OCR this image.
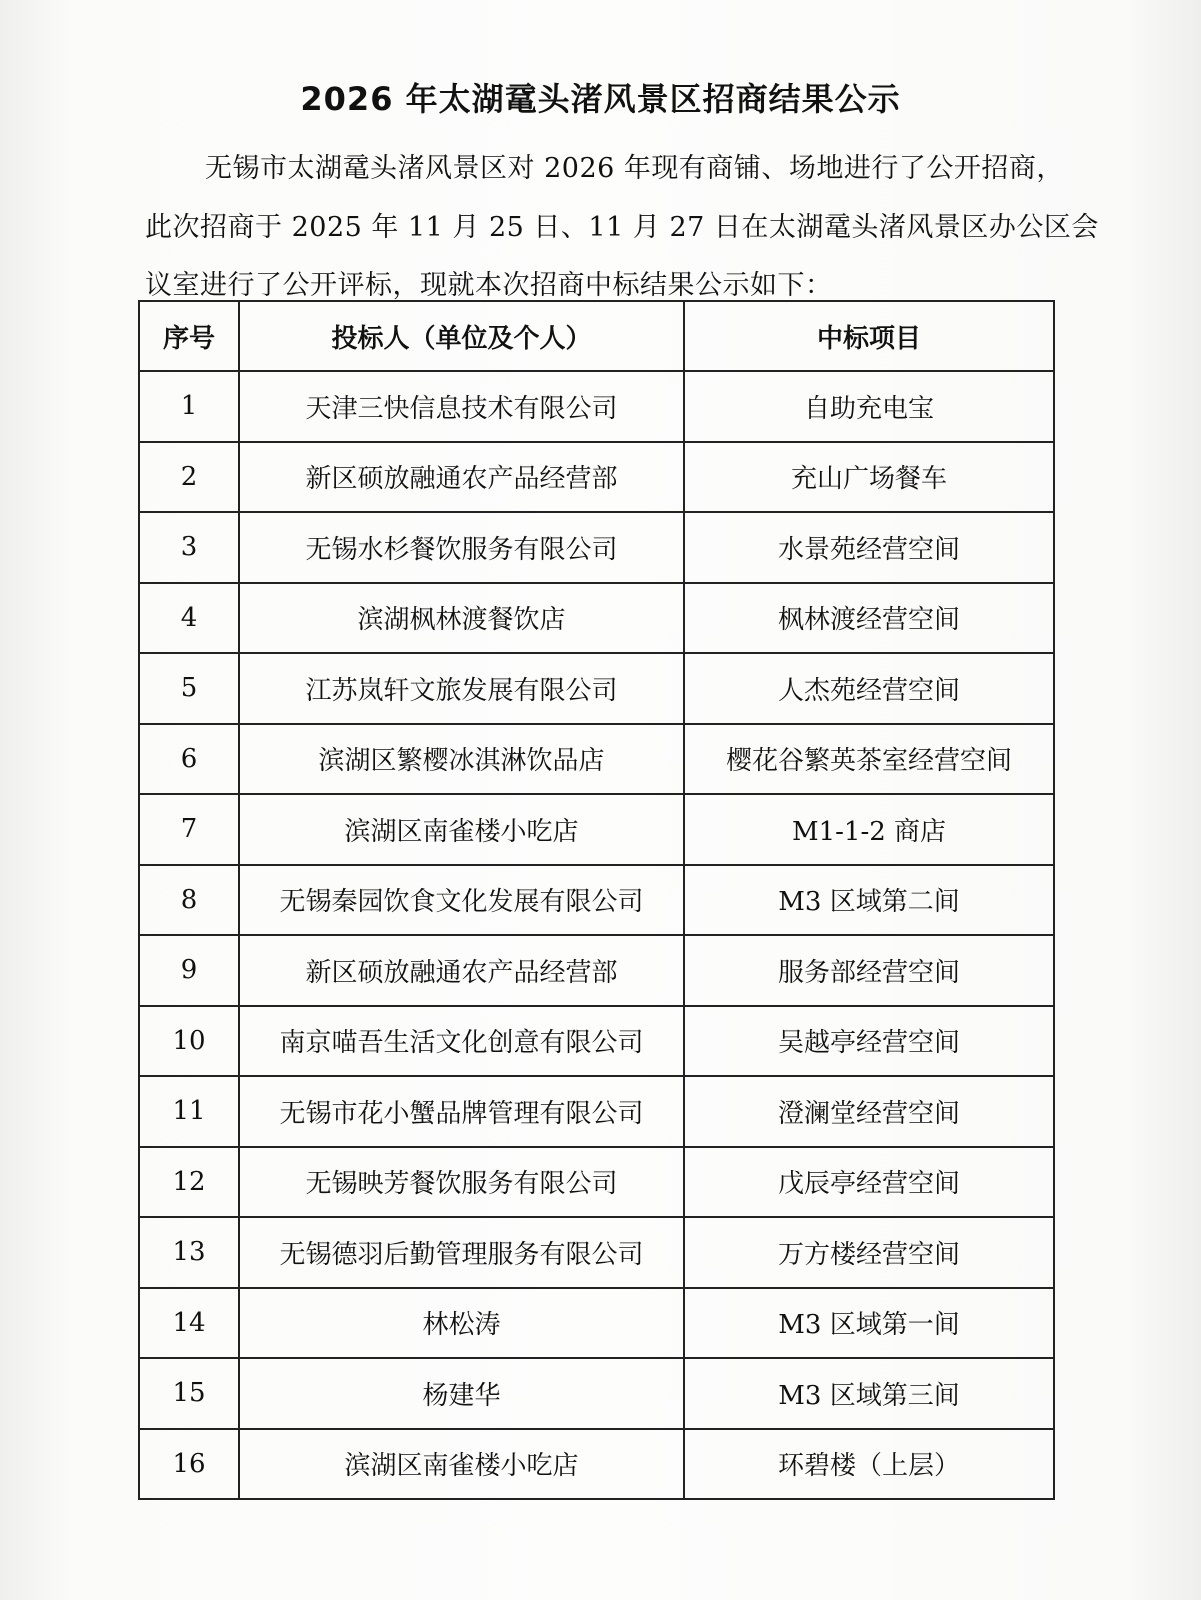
2026 年太湖鼋头渚风景区招商结果公示
无锡市太湖鼋头渚风景区对 2026 年现有商铺、场地进行了公开招商，
此次招商于 2025 年 11 月 25 日、11 月 27 日在太湖鼋头渚风景区办公区会
议室进行了公开评标，现就本次招商中标结果公示如下：
序号	投标人（单位及个人）	中标项目
1	天津三快信息技术有限公司	自助充电宝
2	新区硕放融通农产品经营部	充山广场餐车
3	无锡水杉餐饮服务有限公司	水景苑经营空间
4	滨湖枫林渡餐饮店	枫林渡经营空间
5	江苏岚轩文旅发展有限公司	人杰苑经营空间
6	滨湖区繁樱冰淇淋饮品店	樱花谷繁英茶室经营空间
7	滨湖区南雀楼小吃店	M1-1-2 商店
8	无锡秦园饮食文化发展有限公司	M3 区域第二间
9	新区硕放融通农产品经营部	服务部经营空间
10	南京喵吾生活文化创意有限公司	吴越亭经营空间
11	无锡市花小蟹品牌管理有限公司	澄澜堂经营空间
12	无锡映芳餐饮服务有限公司	戊辰亭经营空间
13	无锡德羽后勤管理服务有限公司	万方楼经营空间
14	林松涛	M3 区域第一间
15	杨建华	M3 区域第三间
16	滨湖区南雀楼小吃店	环碧楼（上层）
